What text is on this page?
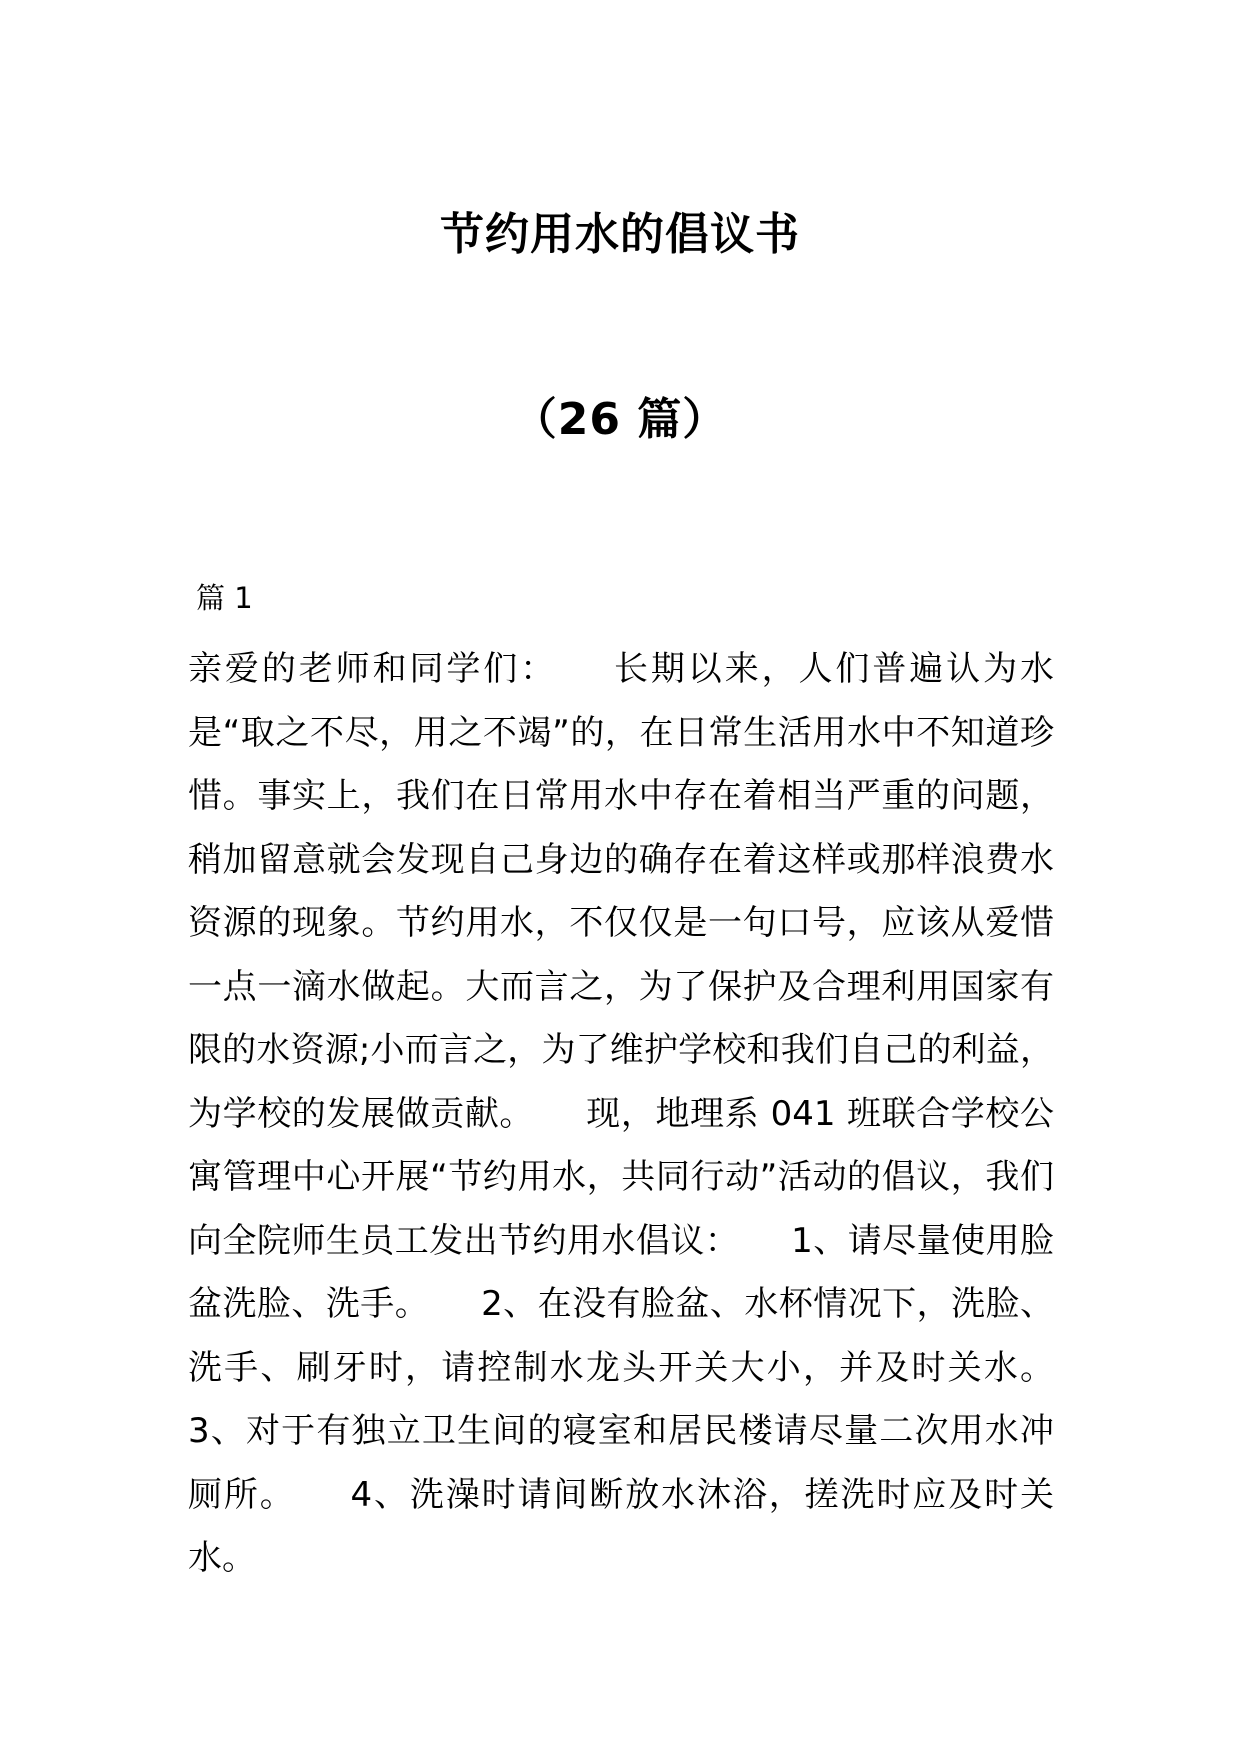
节约用水的倡议书
（26 篇）
篇 1

亲爱的老师和同学们：　　长期以来，人们普遍认为水是“取之不尽，用之不竭”的，在日常生活用水中不知道珍惜。事实上，我们在日常用水中存在着相当严重的问题，稍加留意就会发现自己身边的确存在着这样或那样浪费水资源的现象。节约用水，不仅仅是一句口号，应该从爱惜一点一滴水做起。大而言之，为了保护及合理利用国家有限的水资源;小而言之，为了维护学校和我们自己的利益，为学校的发展做贡献。　　现，地理系 041 班联合学校公寓管理中心开展“节约用水，共同行动”活动的倡议，我们向全院师生员工发出节约用水倡议：　　1、请尽量使用脸盆洗脸、洗手。　　2、在没有脸盆、水杯情况下，洗脸、洗手、刷牙时，请控制水龙头开关大小，并及时关水。3、对于有独立卫生间的寝室和居民楼请尽量二次用水冲厕所。　　4、洗澡时请间断放水沐浴，搓洗时应及时关水。
